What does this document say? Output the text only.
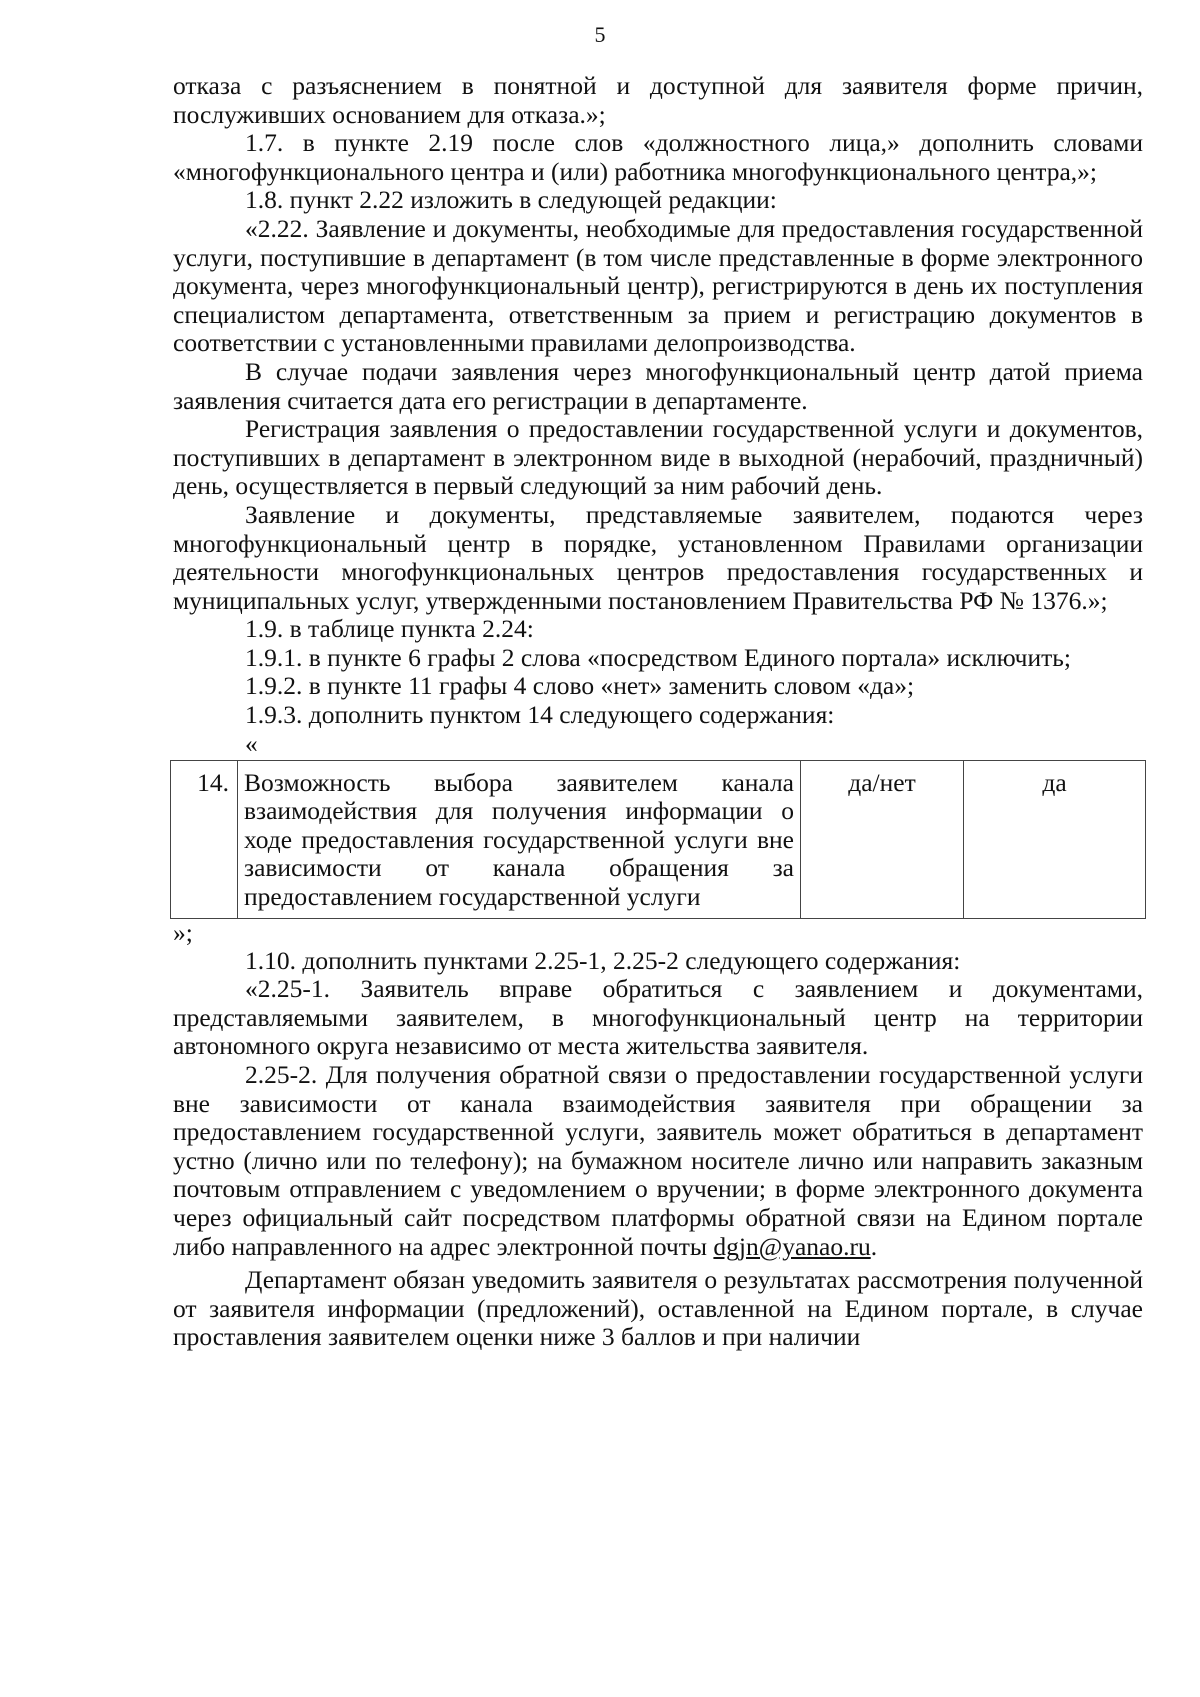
5

отказа с разъяснением в понятной и доступной для заявителя форме причин, послуживших основанием для отказа.»;

1.7. в пункте 2.19 после слов «должностного лица,» дополнить словами «многофункционального центра и (или) работника многофункционального центра,»;

1.8. пункт 2.22 изложить в следующей редакции:

«2.22. Заявление и документы, необходимые для предоставления государственной услуги, поступившие в департамент (в том числе представленные в форме электронного документа, через многофункциональный центр), регистрируются в день их поступления специалистом департамента, ответственным за прием и регистрацию документов в соответствии с установленными правилами делопроизводства.

В случае подачи заявления через многофункциональный центр датой приема заявления считается дата его регистрации в департаменте.

Регистрация заявления о предоставлении государственной услуги и документов, поступивших в департамент в электронном виде в выходной (нерабочий, праздничный) день, осуществляется в первый следующий за ним рабочий день.

Заявление и документы, представляемые заявителем, подаются через многофункциональный центр в порядке, установленном Правилами организации деятельности многофункциональных центров предоставления государственных и муниципальных услуг, утвержденными постановлением Правительства РФ № 1376.»;

1.9. в таблице пункта 2.24:

1.9.1. в пункте 6 графы 2 слова «посредством Единого портала» исключить;

1.9.2. в пункте 11 графы 4 слово «нет» заменить словом «да»;

1.9.3. дополнить пунктом 14 следующего содержания:

«

14.	Возможность выбора заявителем канала взаимодействия для получения информации о ходе предоставления государственной услуги вне зависимости от канала обращения за предоставлением государственной услуги	да/нет	да

»;

1.10. дополнить пунктами 2.25-1, 2.25-2 следующего содержания:

«2.25-1. Заявитель вправе обратиться с заявлением и документами, представляемыми заявителем, в многофункциональный центр на территории автономного округа независимо от места жительства заявителя.

2.25-2. Для получения обратной связи о предоставлении государственной услуги вне зависимости от канала взаимодействия заявителя при обращении за предоставлением государственной услуги, заявитель может обратиться в департамент устно (лично или по телефону); на бумажном носителе лично или направить заказным почтовым отправлением с уведомлением о вручении; в форме электронного документа через официальный сайт посредством платформы обратной связи на Едином портале либо направленного на адрес электронной почты dgjn@yanao.ru.

Департамент обязан уведомить заявителя о результатах рассмотрения полученной от заявителя информации (предложений), оставленной на Едином портале, в случае проставления заявителем оценки ниже 3 баллов и при наличии
